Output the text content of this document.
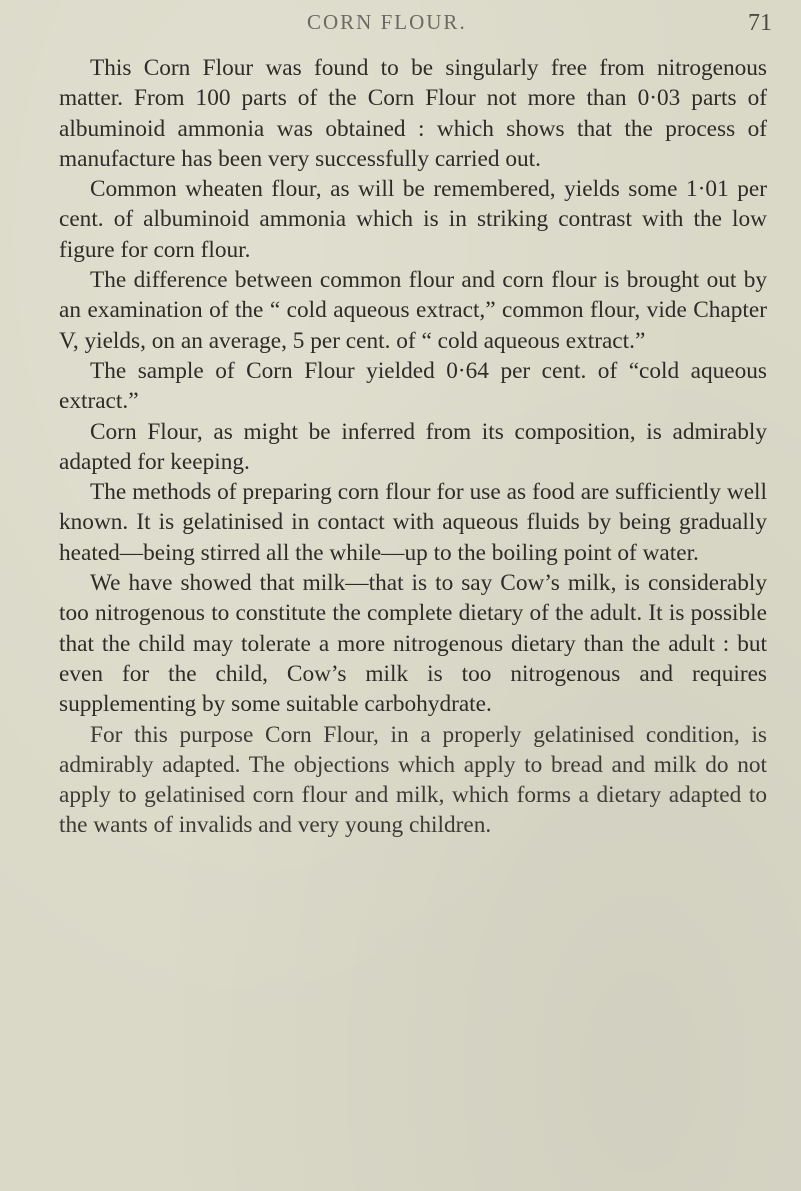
CORN FLOUR.	71

This Corn Flour was found to be singularly free from nitrogenous matter. From 100 parts of the Corn Flour not more than 0·03 parts of albuminoid ammonia was obtained : which shows that the process of manufacture has been very successfully carried out.

Common wheaten flour, as will be remembered, yields some 1·01 per cent. of albuminoid ammonia which is in striking contrast with the low figure for corn flour.

The difference between common flour and corn flour is brought out by an examination of the “ cold aqueous extract,” common flour, vide Chapter V, yields, on an average, 5 per cent. of “ cold aqueous extract.”

The sample of Corn Flour yielded 0·64 per cent. of “cold aqueous extract.”

Corn Flour, as might be inferred from its composition, is admirably adapted for keeping.

The methods of preparing corn flour for use as food are sufficiently well known. It is gelatinised in contact with aqueous fluids by being gradually heated—being stirred all the while—up to the boiling point of water.

We have showed that milk—that is to say Cow’s milk, is considerably too nitrogenous to constitute the complete dietary of the adult. It is possible that the child may tolerate a more nitrogenous dietary than the adult : but even for the child, Cow’s milk is too nitrogenous and requires supplementing by some suitable carbohydrate.

For this purpose Corn Flour, in a properly gelatinised condition, is admirably adapted. The objections which apply to bread and milk do not apply to gelatinised corn flour and milk, which forms a dietary adapted to the wants of invalids and very young children.
